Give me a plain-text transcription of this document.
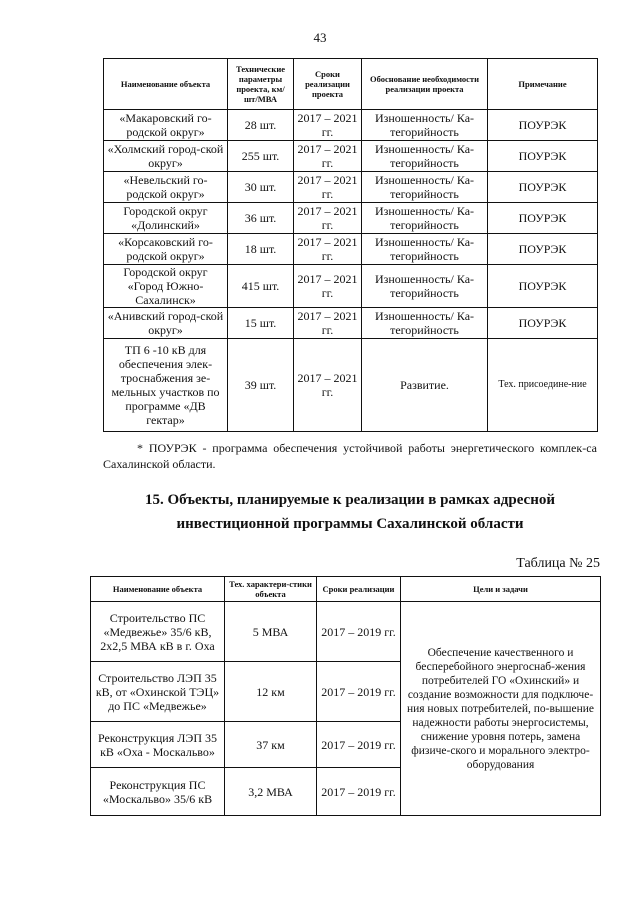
43
Наименование объекта	Технические параметры проекта, км/шт/МВА	Сроки реализации проекта	Обоснование необходимости реализации проекта	Примечание
«Макаровский го-родской округ»	28 шт.	2017 – 2021 гг.	Изношенность/ Ка-тегорийность	ПОУРЭК
«Холмский город-ской округ»	255 шт.	2017 – 2021 гг.	Изношенность/ Ка-тегорийность	ПОУРЭК
«Невельский го-родской округ»	30 шт.	2017 – 2021 гг.	Изношенность/ Ка-тегорийность	ПОУРЭК
Городской округ «Долинский»	36 шт.	2017 – 2021 гг.	Изношенность/ Ка-тегорийность	ПОУРЭК
«Корсаковский го-родской округ»	18 шт.	2017 – 2021 гг.	Изношенность/ Ка-тегорийность	ПОУРЭК
Городской округ «Город Южно-Сахалинск»	415 шт.	2017 – 2021 гг.	Изношенность/ Ка-тегорийность	ПОУРЭК
«Анивский город-ской округ»	15 шт.	2017 – 2021 гг.	Изношенность/ Ка-тегорийность	ПОУРЭК
ТП 6 -10 кВ для обеспечения элек-троснабжения зе-мельных участков по программе «ДВ гектар»	39 шт.	2017 – 2021 гг.	Развитие.	Тех. присоедине-ние
* ПОУРЭК - программа обеспечения устойчивой работы энергетического комплек-са Сахалинской области.
15. Объекты, планируемые к реализации в рамках адресной инвестиционной программы Сахалинской области
Таблица № 25
Наименование объекта	Тех. характери-стики объекта	Сроки реализации	Цели и задачи
Строительство ПС «Медвежье» 35/6 кВ, 2х2,5 МВА кВ в г. Оха	5 МВА	2017 – 2019 гг.	Обеспечение качественного и бесперебойного энергоснаб-жения потребителей ГО «Охинский» и создание возможности для подключе-ния новых потребителей, по-вышение надежности работы энергосистемы, снижение уровня потерь, замена физиче-ского и морального электро-оборудования
Строительство ЛЭП 35 кВ, от «Охинской ТЭЦ» до ПС «Медвежье»	12 км	2017 – 2019 гг.	
Реконструкция ЛЭП 35 кВ «Оха - Москальво»	37 км	2017 – 2019 гг.	
Реконструкция ПС «Москальво» 35/6 кВ	3,2 МВА	2017 – 2019 гг.	
